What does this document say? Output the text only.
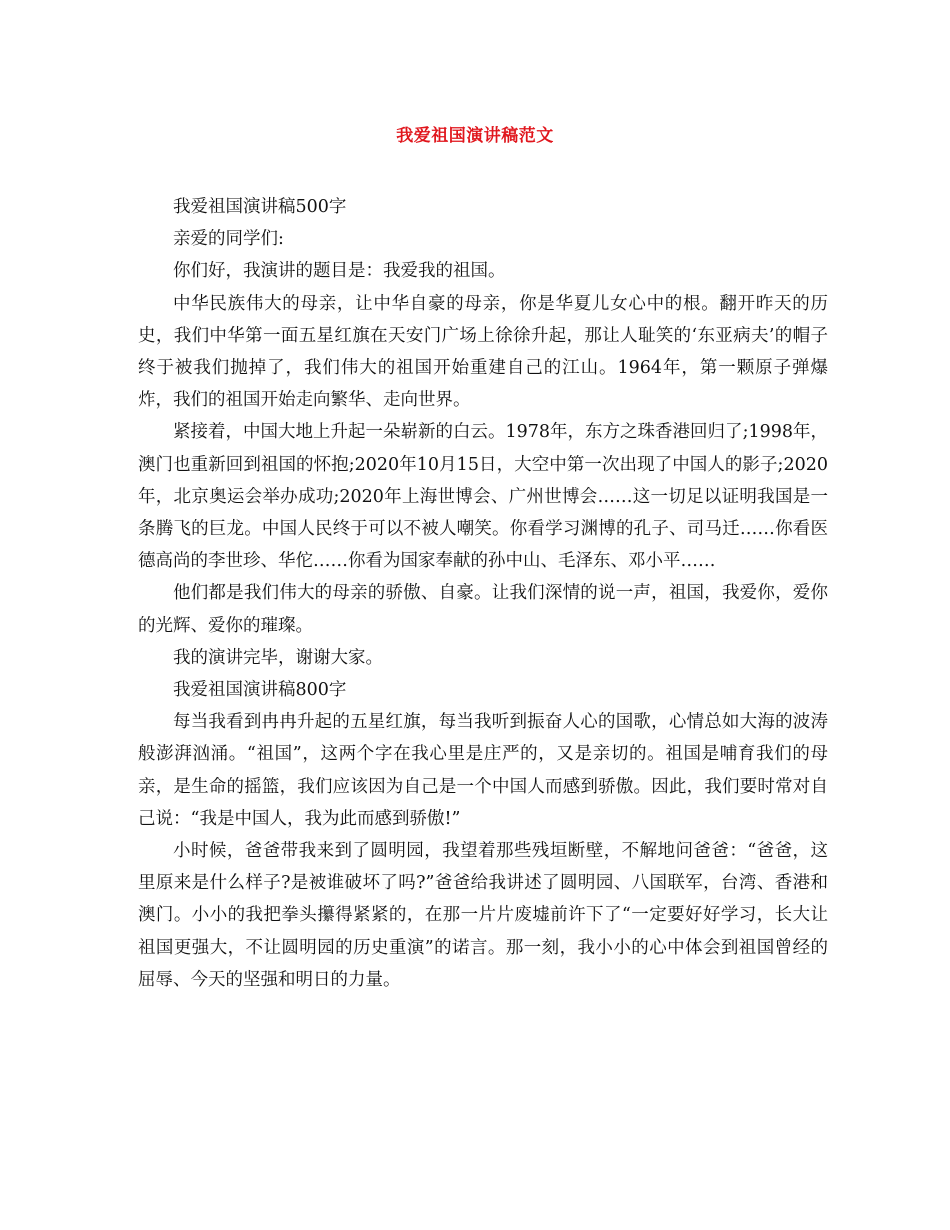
我爱祖国演讲稿范文

我爱祖国演讲稿500字

亲爱的同学们:

你们好，我演讲的题目是：我爱我的祖国。

中华民族伟大的母亲，让中华自豪的母亲，你是华夏儿女心中的根。翻开昨天的历史，我们中华第一面五星红旗在天安门广场上徐徐升起，那让人耻笑的‘东亚病夫’的帽子终于被我们抛掉了，我们伟大的祖国开始重建自己的江山。1964年，第一颗原子弹爆炸，我们的祖国开始走向繁华、走向世界。

紧接着，中国大地上升起一朵崭新的白云。1978年，东方之珠香港回归了;1998年，澳门也重新回到祖国的怀抱;2020年10月15日，大空中第一次出现了中国人的影子;2020年，北京奥运会举办成功;2020年上海世博会、广州世博会……这一切足以证明我国是一条腾飞的巨龙。中国人民终于可以不被人嘲笑。你看学习渊博的孔子、司马迁……你看医德高尚的李世珍、华佗……你看为国家奉献的孙中山、毛泽东、邓小平……

他们都是我们伟大的母亲的骄傲、自豪。让我们深情的说一声，祖国，我爱你，爱你的光辉、爱你的璀璨。

我的演讲完毕，谢谢大家。

我爱祖国演讲稿800字

每当我看到冉冉升起的五星红旗，每当我听到振奋人心的国歌，心情总如大海的波涛般澎湃汹涌。“祖国”，这两个字在我心里是庄严的，又是亲切的。祖国是哺育我们的母亲，是生命的摇篮，我们应该因为自己是一个中国人而感到骄傲。因此，我们要时常对自己说：“我是中国人，我为此而感到骄傲!”

小时候，爸爸带我来到了圆明园，我望着那些残垣断壁，不解地问爸爸：“爸爸，这里原来是什么样子?是被谁破坏了吗?”爸爸给我讲述了圆明园、八国联军，台湾、香港和澳门。小小的我把拳头攥得紧紧的，在那一片片废墟前许下了“一定要好好学习，长大让祖国更强大，不让圆明园的历史重演”的诺言。那一刻，我小小的心中体会到祖国曾经的屈辱、今天的坚强和明日的力量。
